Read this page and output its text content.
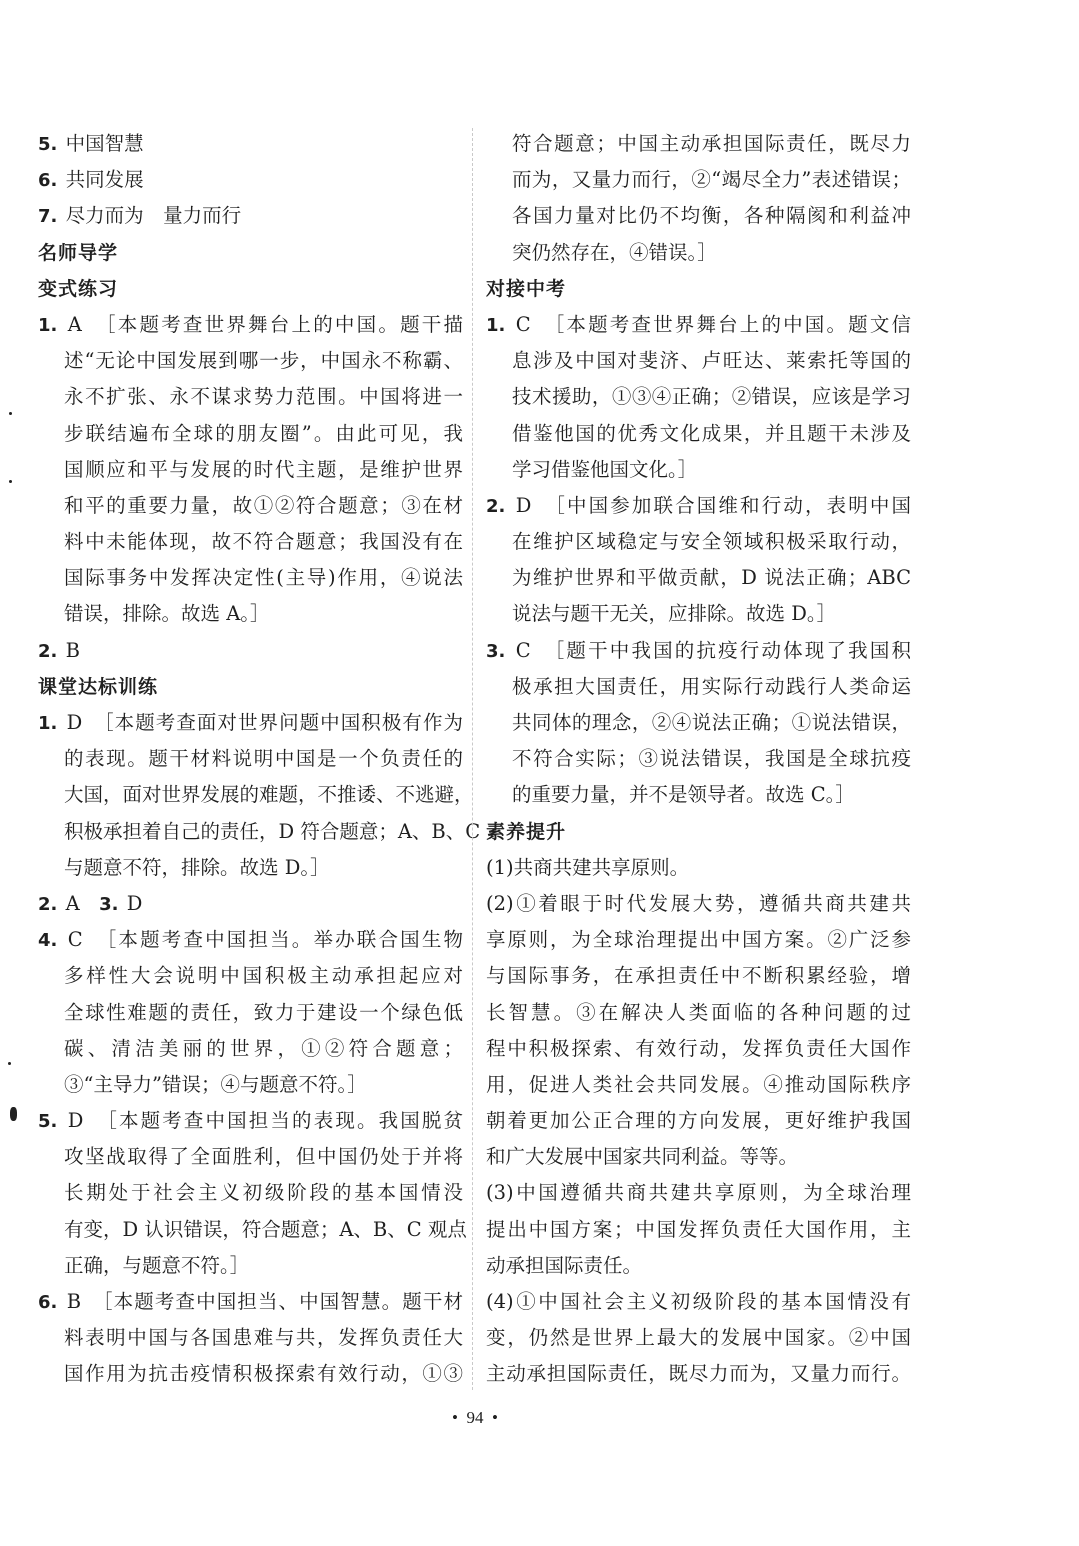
5. 中国智慧
6. 共同发展
7. 尽力而为　量力而行
名师导学
变式练习
1. A　［本题考查世界舞台上的中国。题干描
述“无论中国发展到哪一步，中国永不称霸、
永不扩张、永不谋求势力范围。中国将进一
步联结遍布全球的朋友圈”。由此可见，我
国顺应和平与发展的时代主题，是维护世界
和平的重要力量，故①②符合题意；③在材
料中未能体现，故不符合题意；我国没有在
国际事务中发挥决定性(主导)作用，④说法
错误，排除。故选 A。］
2. B
课堂达标训练
1. D　［本题考查面对世界问题中国积极有作为
的表现。题干材料说明中国是一个负责任的
大国，面对世界发展的难题，不推诿、不逃避，
积极承担着自己的责任，D 符合题意；A、B、C
与题意不符，排除。故选 D。］
2. A　3. D
4. C　［本题考查中国担当。举办联合国生物
多样性大会说明中国积极主动承担起应对
全球性难题的责任，致力于建设一个绿色低
碳、清洁美丽的世界，①②符合题意；
③“主导力”错误；④与题意不符。］
5. D　［本题考查中国担当的表现。我国脱贫
攻坚战取得了全面胜利，但中国仍处于并将
长期处于社会主义初级阶段的基本国情没
有变，D 认识错误，符合题意；A、B、C 观点
正确，与题意不符。］
6. B　［本题考查中国担当、中国智慧。题干材
料表明中国与各国患难与共，发挥负责任大
国作用为抗击疫情积极探索有效行动，①③
符合题意；中国主动承担国际责任，既尽力
而为，又量力而行，②“竭尽全力”表述错误；
各国力量对比仍不均衡，各种隔阂和利益冲
突仍然存在，④错误。］
对接中考
1. C　［本题考查世界舞台上的中国。题文信
息涉及中国对斐济、卢旺达、莱索托等国的
技术援助，①③④正确；②错误，应该是学习
借鉴他国的优秀文化成果，并且题干未涉及
学习借鉴他国文化。］
2. D　［中国参加联合国维和行动，表明中国
在维护区域稳定与安全领域积极采取行动，
为维护世界和平做贡献，D 说法正确；ABC
说法与题干无关，应排除。故选 D。］
3. C　［题干中我国的抗疫行动体现了我国积
极承担大国责任，用实际行动践行人类命运
共同体的理念，②④说法正确；①说法错误，
不符合实际；③说法错误，我国是全球抗疫
的重要力量，并不是领导者。故选 C。］
素养提升
(1)共商共建共享原则。
(2)①着眼于时代发展大势，遵循共商共建共
享原则，为全球治理提出中国方案。②广泛参
与国际事务，在承担责任中不断积累经验，增
长智慧。③在解决人类面临的各种问题的过
程中积极探索、有效行动，发挥负责任大国作
用，促进人类社会共同发展。④推动国际秩序
朝着更加公正合理的方向发展，更好维护我国
和广大发展中国家共同利益。等等。
(3)中国遵循共商共建共享原则，为全球治理
提出中国方案；中国发挥负责任大国作用，主
动承担国际责任。
(4)①中国社会主义初级阶段的基本国情没有
变，仍然是世界上最大的发展中国家。②中国
主动承担国际责任，既尽力而为，又量力而行。
•  94  •
